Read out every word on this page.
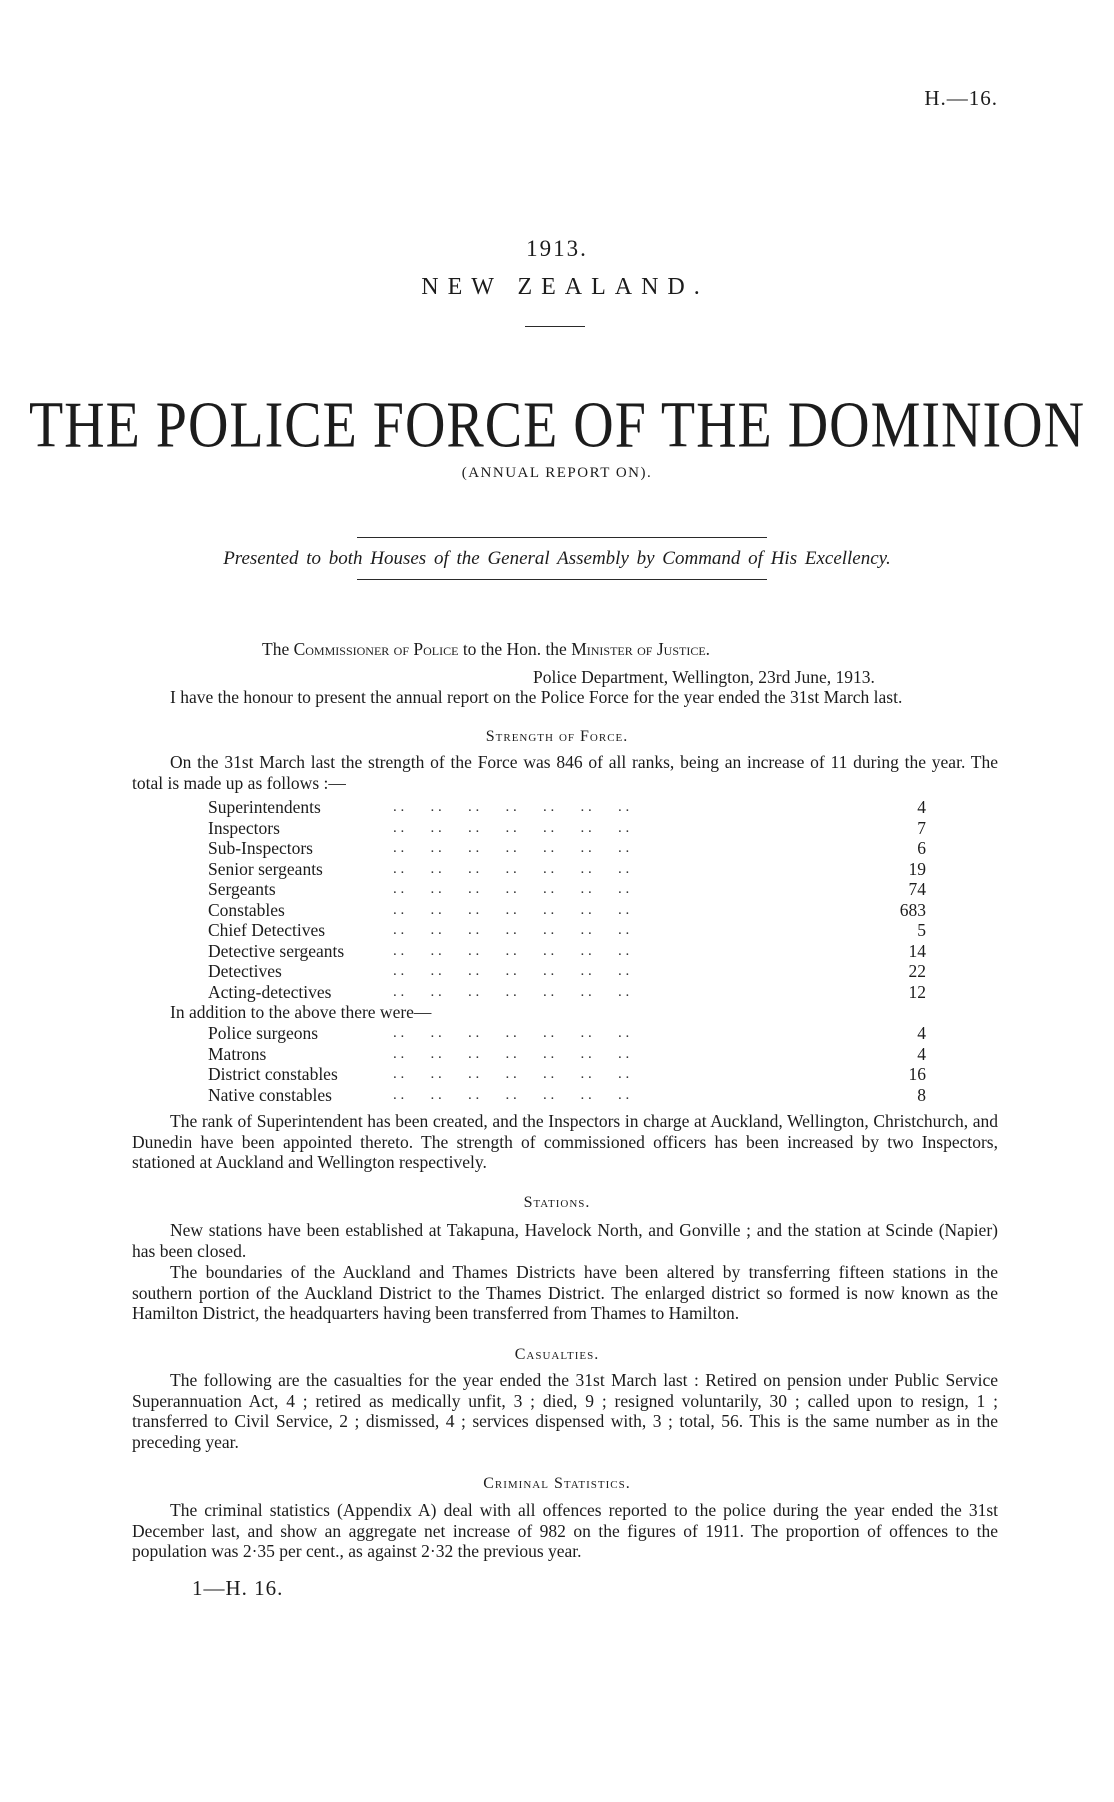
H.—16.
1913.
NEW ZEALAND.
THE POLICE FORCE OF THE DOMINION
(ANNUAL REPORT ON).
Presented to both Houses of the General Assembly by Command of His Excellency.
The Commissioner of Police to the Hon. the Minister of Justice.
Police Department, Wellington, 23rd June, 1913.
I have the honour to present the annual report on the Police Force for the year ended the 31st March last.
Strength of Force.
On the 31st March last the strength of the Force was 846 of all ranks, being an increase of 11 during the year. The total is made up as follows :—
Superintendents	. .       . .       . .       . .       . .       . .       . .	4
Inspectors	. .       . .       . .       . .       . .       . .       . .	7
Sub-Inspectors	. .       . .       . .       . .       . .       . .       . .	6
Senior sergeants	. .       . .       . .       . .       . .       . .       . .	19
Sergeants	. .       . .       . .       . .       . .       . .       . .	74
Constables	. .       . .       . .       . .       . .       . .       . .	683
Chief Detectives	. .       . .       . .       . .       . .       . .       . .	5
Detective sergeants	. .       . .       . .       . .       . .       . .       . .	14
Detectives	. .       . .       . .       . .       . .       . .       . .	22
Acting-detectives	. .       . .       . .       . .       . .       . .       . .	12
In addition to the above there were—
Police surgeons	. .       . .       . .       . .       . .       . .       . .	4
Matrons	. .       . .       . .       . .       . .       . .       . .	4
District constables	. .       . .       . .       . .       . .       . .       . .	16
Native constables	. .       . .       . .       . .       . .       . .       . .	8
The rank of Superintendent has been created, and the Inspectors in charge at Auckland, Wellington, Christchurch, and Dunedin have been appointed thereto. The strength of commissioned officers has been increased by two Inspectors, stationed at Auckland and Wellington respectively.
Stations.
New stations have been established at Takapuna, Havelock North, and Gonville ; and the station at Scinde (Napier) has been closed.
The boundaries of the Auckland and Thames Districts have been altered by transferring fifteen stations in the southern portion of the Auckland District to the Thames District. The enlarged district so formed is now known as the Hamilton District, the headquarters having been transferred from Thames to Hamilton.
Casualties.
The following are the casualties for the year ended the 31st March last : Retired on pension under Public Service Superannuation Act, 4 ; retired as medically unfit, 3 ; died, 9 ; resigned voluntarily, 30 ; called upon to resign, 1 ; transferred to Civil Service, 2 ; dismissed, 4 ; services dispensed with, 3 ; total, 56. This is the same number as in the preceding year.
Criminal Statistics.
The criminal statistics (Appendix A) deal with all offences reported to the police during the year ended the 31st December last, and show an aggregate net increase of 982 on the figures of 1911. The proportion of offences to the population was 2·35 per cent., as against 2·32 the previous year.
1—H. 16.
